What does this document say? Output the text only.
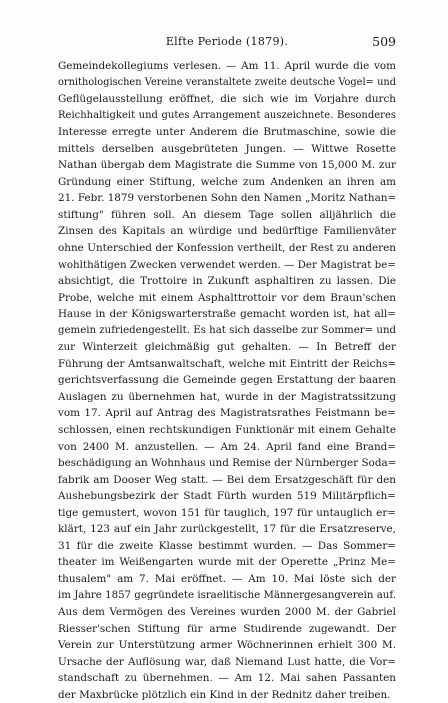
Elfte Periode (1879).	509
Gemeindekollegiums verlesen. — Am 11. April wurde die vom
ornithologischen Vereine veranstaltete zweite deutsche Vogel= und
Geflügelausstellung eröffnet, die sich wie im Vorjahre durch
Reichhaltigkeit und gutes Arrangement auszeichnete. Besonderes
Interesse erregte unter Anderem die Brutmaschine, sowie die
mittels derselben ausgebrüteten Jungen. — Wittwe Rosette
Nathan übergab dem Magistrate die Summe von 15,000 M. zur
Gründung einer Stiftung, welche zum Andenken an ihren am
21. Febr. 1879 verstorbenen Sohn den Namen „Moritz Nathan=
stiftung" führen soll. An diesem Tage sollen alljährlich die
Zinsen des Kapitals an würdige und bedürftige Familienväter
ohne Unterschied der Konfession vertheilt, der Rest zu anderen
wohlthätigen Zwecken verwendet werden. — Der Magistrat be=
absichtigt, die Trottoire in Zukunft asphaltiren zu lassen. Die
Probe, welche mit einem Asphalttrottoir vor dem Braun'schen
Hause in der Königswarterstraße gemacht worden ist, hat all=
gemein zufriedengestellt. Es hat sich dasselbe zur Sommer= und
zur Winterzeit gleichmäßig gut gehalten. — In Betreff der
Führung der Amtsanwaltschaft, welche mit Eintritt der Reichs=
gerichtsverfassung die Gemeinde gegen Erstattung der baaren
Auslagen zu übernehmen hat, wurde in der Magistratssitzung
vom 17. April auf Antrag des Magistratsrathes Feistmann be=
schlossen, einen rechtskundigen Funktionär mit einem Gehalte
von 2400 M. anzustellen. — Am 24. April fand eine Brand=
beschädigung an Wohnhaus und Remise der Nürnberger Soda=
fabrik am Dooser Weg statt. — Bei dem Ersatzgeschäft für den
Aushebungsbezirk der Stadt Fürth wurden 519 Militärpflich=
tige gemustert, wovon 151 für tauglich, 197 für untauglich er=
klärt, 123 auf ein Jahr zurückgestellt, 17 für die Ersatzreserve,
31 für die zweite Klasse bestimmt wurden. — Das Sommer=
theater im Weißengarten wurde mit der Operette „Prinz Me=
thusalem" am 7. Mai eröffnet. — Am 10. Mai löste sich der
im Jahre 1857 gegründete israelitische Männergesangverein auf.
Aus dem Vermögen des Vereines wurden 2000 M. der Gabriel
Riesser'schen Stiftung für arme Studirende zugewandt. Der
Verein zur Unterstützung armer Wöchnerinnen erhielt 300 M.
Ursache der Auflösung war, daß Niemand Lust hatte, die Vor=
standschaft zu übernehmen. — Am 12. Mai sahen Passanten
der Maxbrücke plötzlich ein Kind in der Rednitz daher treiben.
